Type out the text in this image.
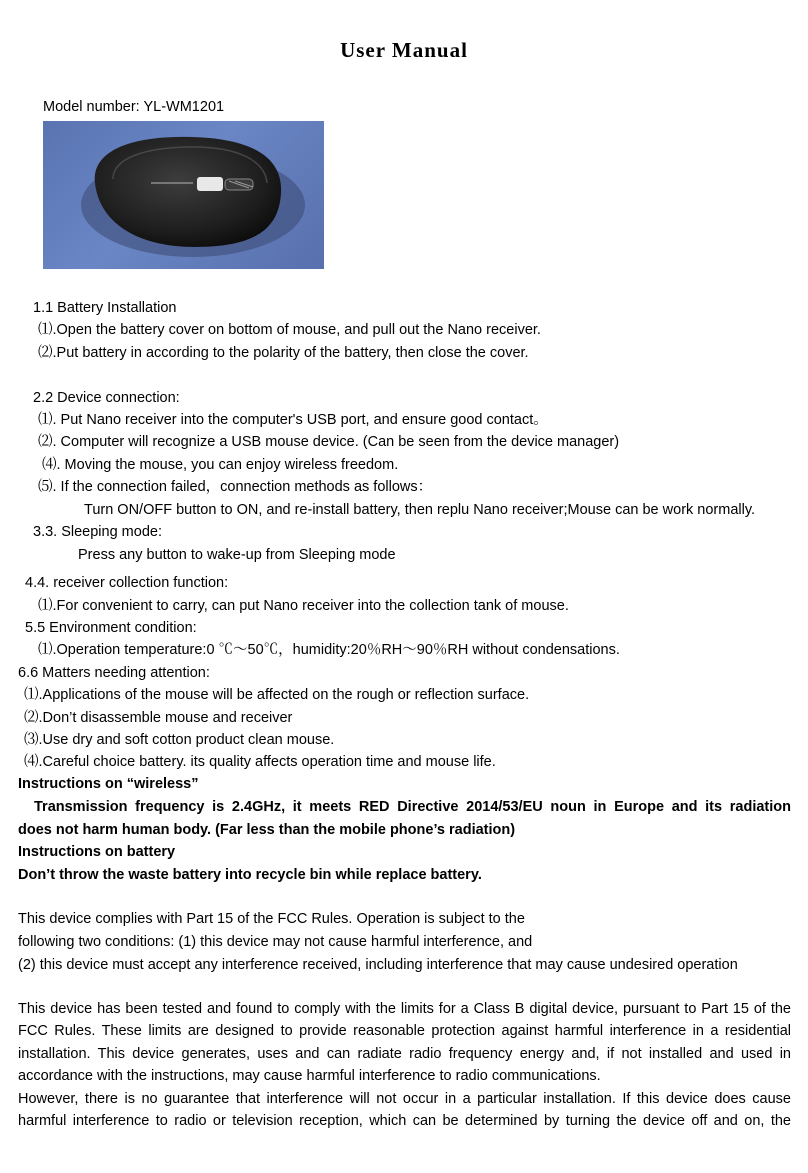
User Manual
Model number: YL-WM1201
1.1 Battery Installation
⑴.Open the battery cover on bottom of mouse, and pull out the Nano receiver.
⑵.Put battery in according to the polarity of the battery, then close the cover.
2.2 Device connection:
⑴. Put Nano receiver into the computer's USB port, and ensure good contact。
⑵. Computer will recognize a USB mouse device. (Can be seen from the device manager)
⑷. Moving the mouse, you can enjoy wireless freedom.
⑸. If the connection failed，connection methods as follows：
Turn ON/OFF button to ON, and re-install battery, then replu Nano receiver;Mouse can be work normally.
3.3. Sleeping mode:
Press any button to wake-up from Sleeping mode
4.4. receiver collection function:
⑴.For convenient to carry, can put Nano receiver into the collection tank of mouse.
5.5 Environment condition:
⑴.Operation temperature:0 ℃～50℃，humidity:20％RH～90％RH without condensations.
6.6 Matters needing attention:
⑴.Applications of the mouse will be affected on the rough or reflection surface.
⑵.Don’t disassemble mouse and receiver
⑶.Use dry and soft cotton product clean mouse.
⑷.Careful choice battery. its quality affects operation time and mouse life.
Instructions on “wireless”
Transmission frequency is 2.4GHz, it meets RED Directive 2014/53/EU noun in Europe and its radiation
does not harm human body. (Far less than the mobile phone’s radiation)
Instructions on battery
Don’t throw the waste battery into recycle bin while replace battery.
This device complies with Part 15 of the FCC Rules. Operation is subject to the
following two conditions: (1) this device may not cause harmful interference, and
(2) this device must accept any interference received, including interference that may cause undesired operation
This device has been tested and found to comply with the limits for a Class B digital device, pursuant to Part 15 of the
FCC Rules. These limits are designed to provide reasonable protection against harmful interference in a residential
installation. This device generates, uses and can radiate radio frequency energy and, if not installed and used in
accordance with the instructions, may cause harmful interference to radio communications.
However, there is no guarantee that interference will not occur in a particular installation. If this device does cause
harmful interference to radio or television reception, which can be determined by turning the device off and on, the
